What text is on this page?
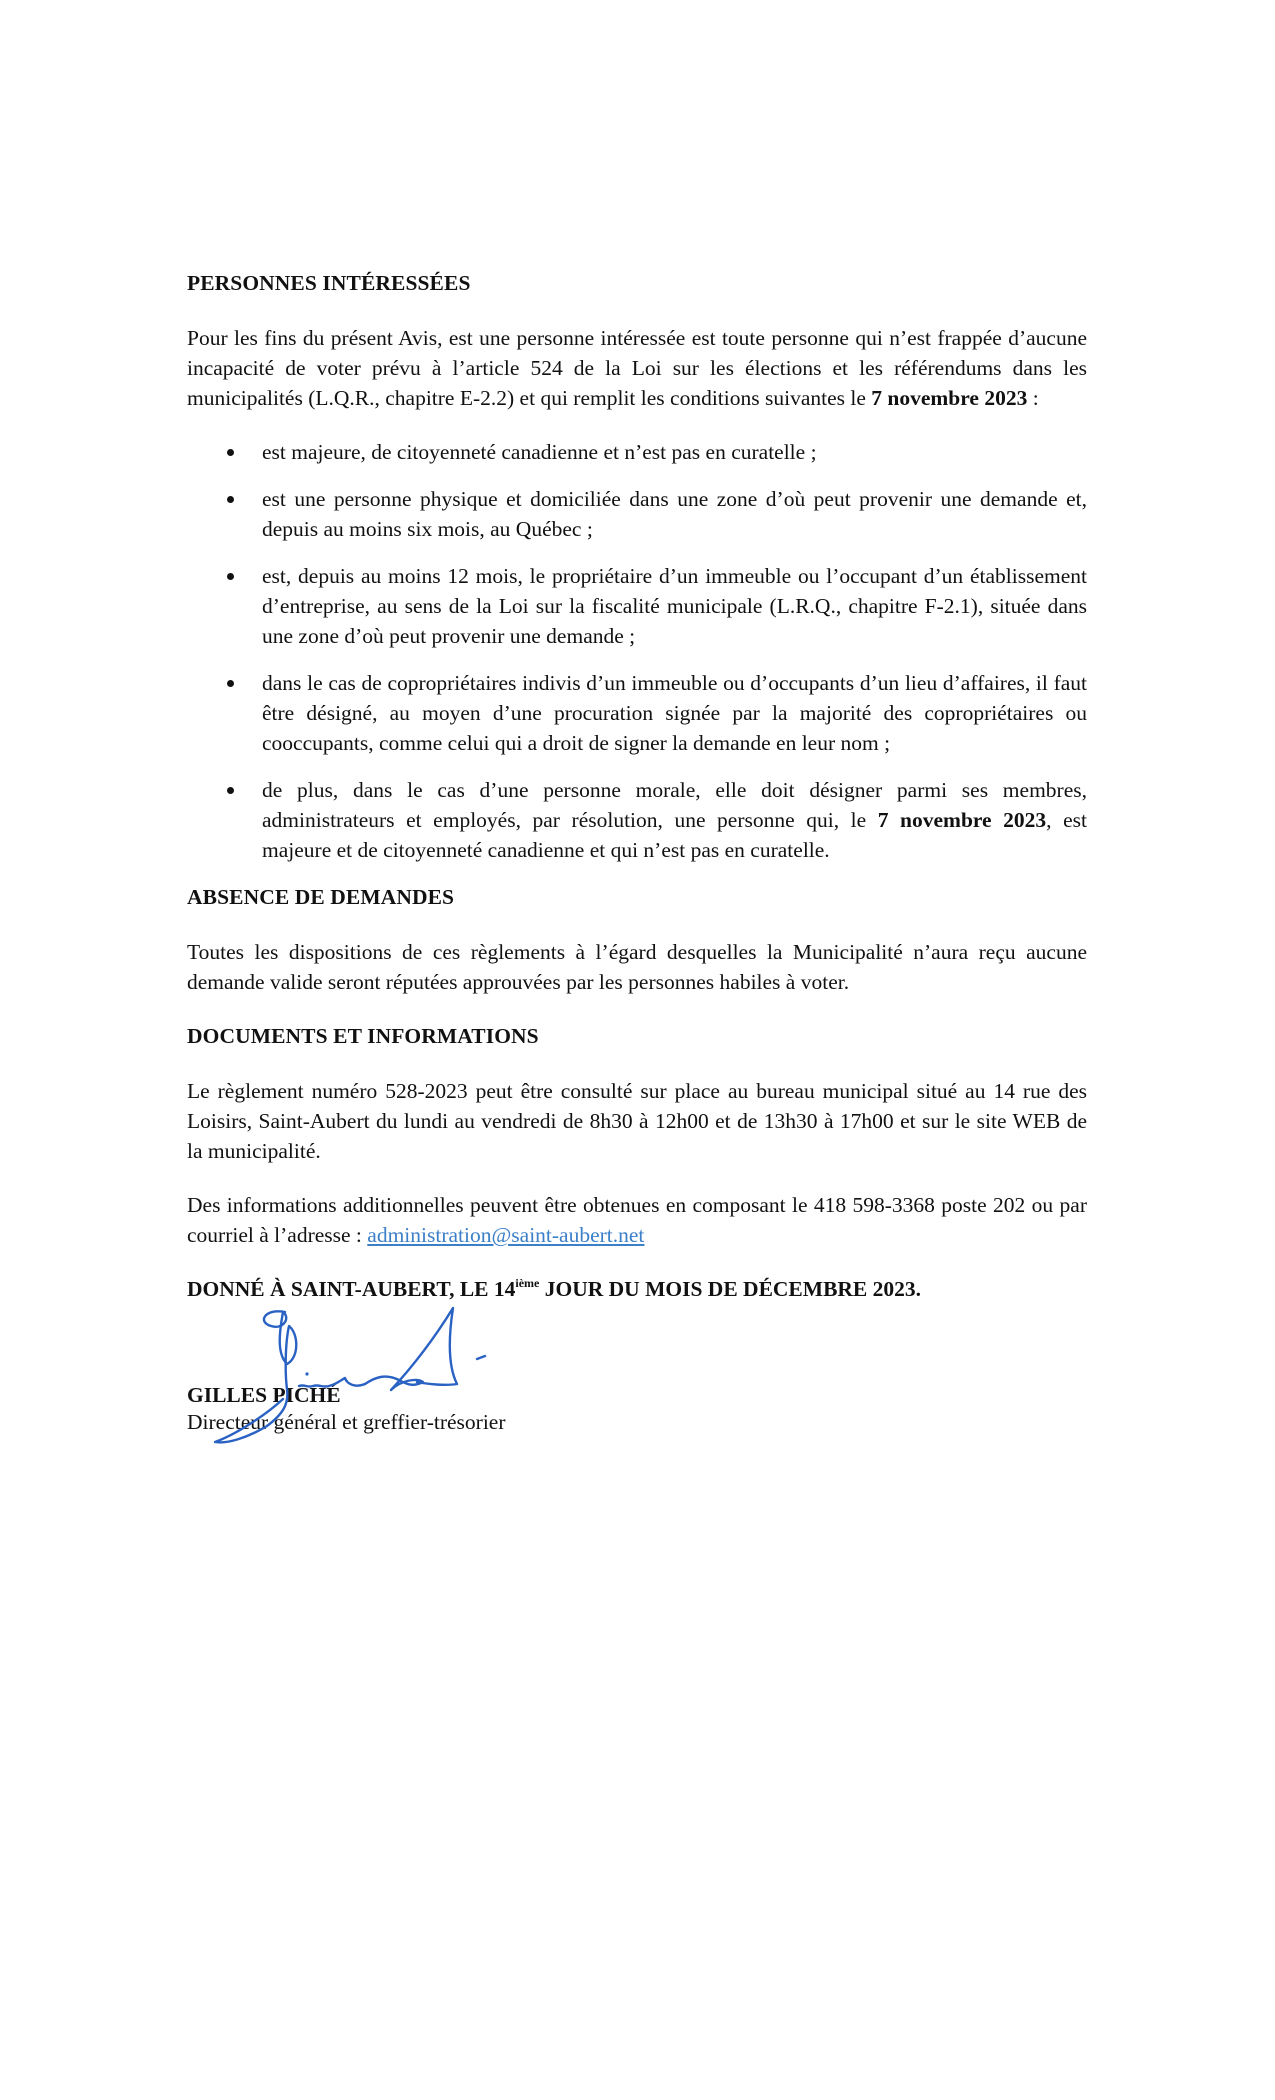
PERSONNES INTÉRESSÉES

Pour les fins du présent Avis, est une personne intéressée est toute personne qui n’est frappée d’aucune incapacité de voter prévu à l’article 524 de la Loi sur les élections et les référendums dans les municipalités (L.Q.R., chapitre E-2.2) et qui remplit les conditions suivantes le 7 novembre 2023 :

est majeure, de citoyenneté canadienne et n’est pas en curatelle ;
est une personne physique et domiciliée dans une zone d’où peut provenir une demande et, depuis au moins six mois, au Québec ;
est, depuis au moins 12 mois, le propriétaire d’un immeuble ou l’occupant d’un établissement d’entreprise, au sens de la Loi sur la fiscalité municipale (L.R.Q., chapitre F-2.1), située dans une zone d’où peut provenir une demande ;
dans le cas de copropriétaires indivis d’un immeuble ou d’occupants d’un lieu d’affaires, il faut être désigné, au moyen d’une procuration signée par la majorité des copropriétaires ou cooccupants, comme celui qui a droit de signer la demande en leur nom ;
de plus, dans le cas d’une personne morale, elle doit désigner parmi ses membres, administrateurs et employés, par résolution, une personne qui, le 7 novembre 2023, est majeure et de citoyenneté canadienne et qui n’est pas en curatelle.
ABSENCE DE DEMANDES

Toutes les dispositions de ces règlements à l’égard desquelles la Municipalité n’aura reçu aucune demande valide seront réputées approuvées par les personnes habiles à voter.

DOCUMENTS ET INFORMATIONS

Le règlement numéro 528-2023 peut être consulté sur place au bureau municipal situé au 14 rue des Loisirs, Saint-Aubert du lundi au vendredi de 8h30 à 12h00 et de 13h30 à 17h00 et sur le site WEB de la municipalité.

Des informations additionnelles peuvent être obtenues en composant le 418 598-3368 poste 202 ou par courriel à l’adresse : administration@saint-aubert.net

DONNÉ À SAINT-AUBERT, LE 14ième JOUR DU MOIS DE DÉCEMBRE 2023.

GILLES PICHÉ
Directeur général et greffier-trésorier
